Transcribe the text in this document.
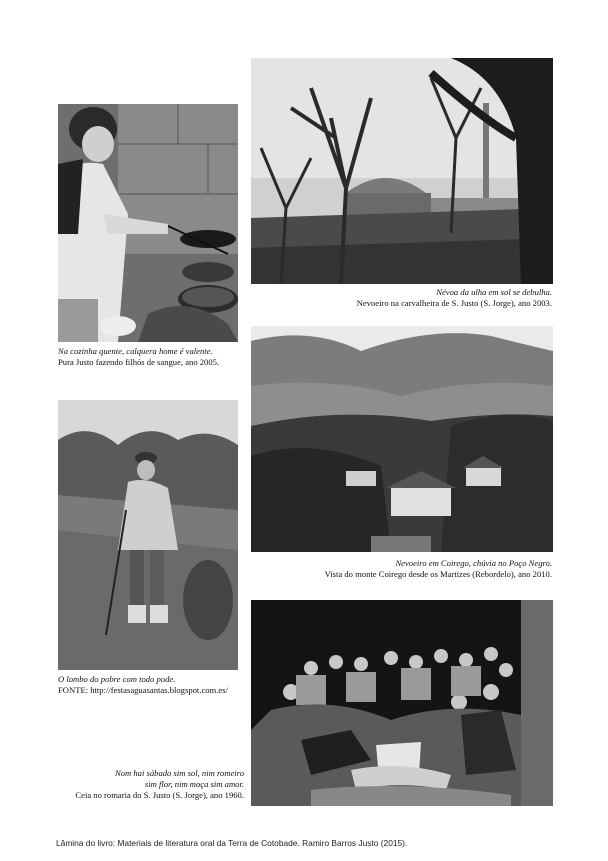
Na cozinha quente, calquera home é valente.
Pura Justo fazendo filhós de sangue, ano 2005.
Névoa da ulha em sol se debulha.
Nevoeiro na carvalheira de S. Justo (S. Jorge), ano 2003.
O lombo do pobre com todo pode.
FONTE: http://festasaguasantas.blogspot.com.es/
Nevoeiro em Coirego, chúvia no Poço Negro.
Vista do monte Coirego desde os Martizes (Rebordelo), ano 2010.
Nom hai sábado sim sol, nim romeiro
sim flor, nim moça sim amor.
Ceia no romaria do S. Justo (S. Jorge), ano 1960.
Lâmina do livro: Materiais de literatura oral da Terra de Cotobade. Ramiro Barros Justo (2015).
